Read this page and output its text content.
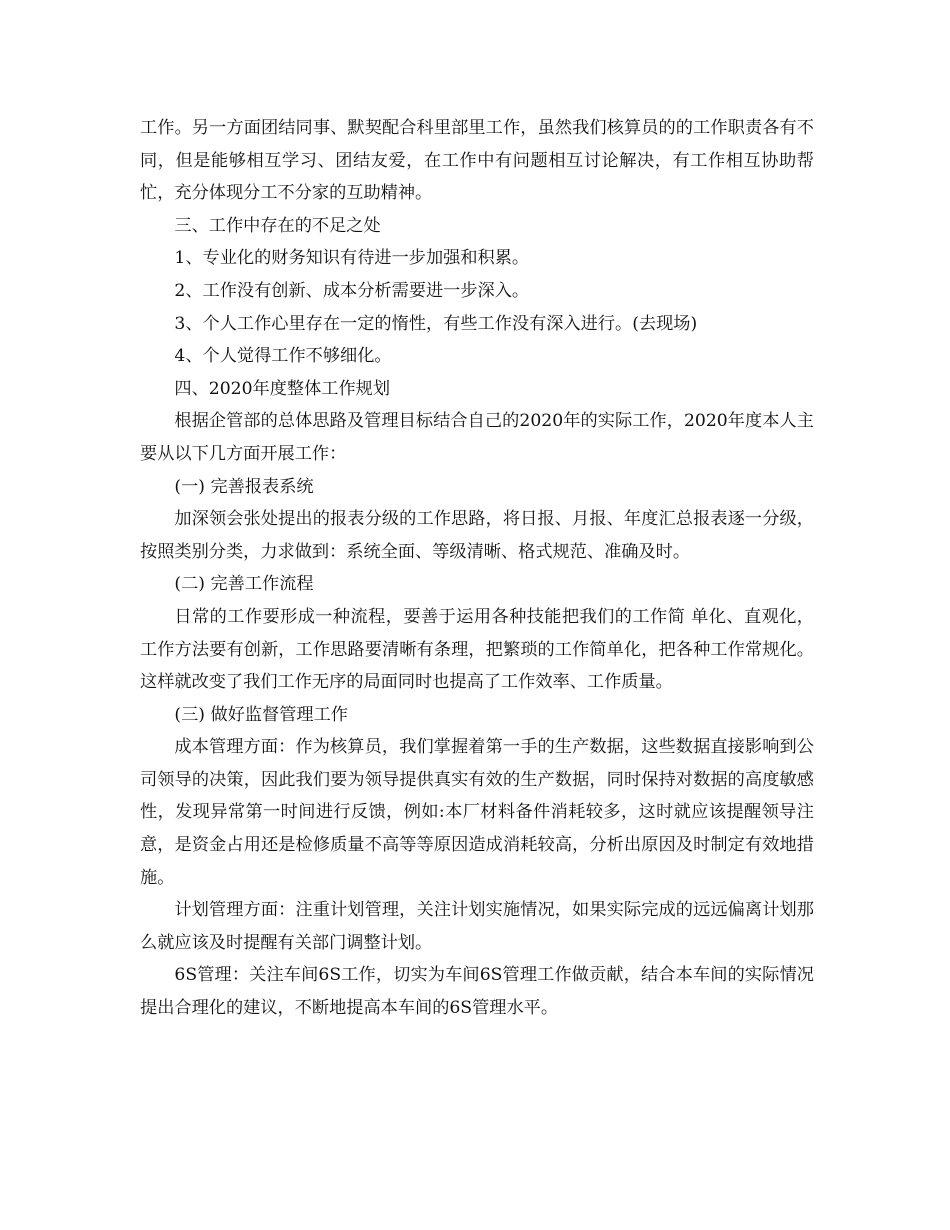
工作。另一方面团结同事、默契配合科里部里工作，虽然我们核算员的的工作职责各有不同，但是能够相互学习、团结友爱，在工作中有问题相互讨论解决，有工作相互协助帮忙，充分体现分工不分家的互助精神。

三、工作中存在的不足之处

1、专业化的财务知识有待进一步加强和积累。

2、工作没有创新、成本分析需要进一步深入。

3、个人工作心里存在一定的惰性，有些工作没有深入进行。(去现场)

4、个人觉得工作不够细化。

四、2020年度整体工作规划

根据企管部的总体思路及管理目标结合自己的2020年的实际工作，2020年度本人主要从以下几方面开展工作：

(一) 完善报表系统

加深领会张处提出的报表分级的工作思路，将日报、月报、年度汇总报表逐一分级，按照类别分类，力求做到：系统全面、等级清晰、格式规范、准确及时。

(二) 完善工作流程

日常的工作要形成一种流程，要善于运用各种技能把我们的工作简 单化、直观化，工作方法要有创新，工作思路要清晰有条理，把繁琐的工作简单化，把各种工作常规化。这样就改变了我们工作无序的局面同时也提高了工作效率、工作质量。

(三) 做好监督管理工作

成本管理方面：作为核算员，我们掌握着第一手的生产数据，这些数据直接影响到公司领导的决策，因此我们要为领导提供真实有效的生产数据，同时保持对数据的高度敏感性，发现异常第一时间进行反馈，例如:本厂材料备件消耗较多，这时就应该提醒领导注意，是资金占用还是检修质量不高等等原因造成消耗较高，分析出原因及时制定有效地措施。

计划管理方面：注重计划管理，关注计划实施情况，如果实际完成的远远偏离计划那么就应该及时提醒有关部门调整计划。

6S管理：关注车间6S工作，切实为车间6S管理工作做贡献，结合本车间的实际情况提出合理化的建议，不断地提高本车间的6S管理水平。
